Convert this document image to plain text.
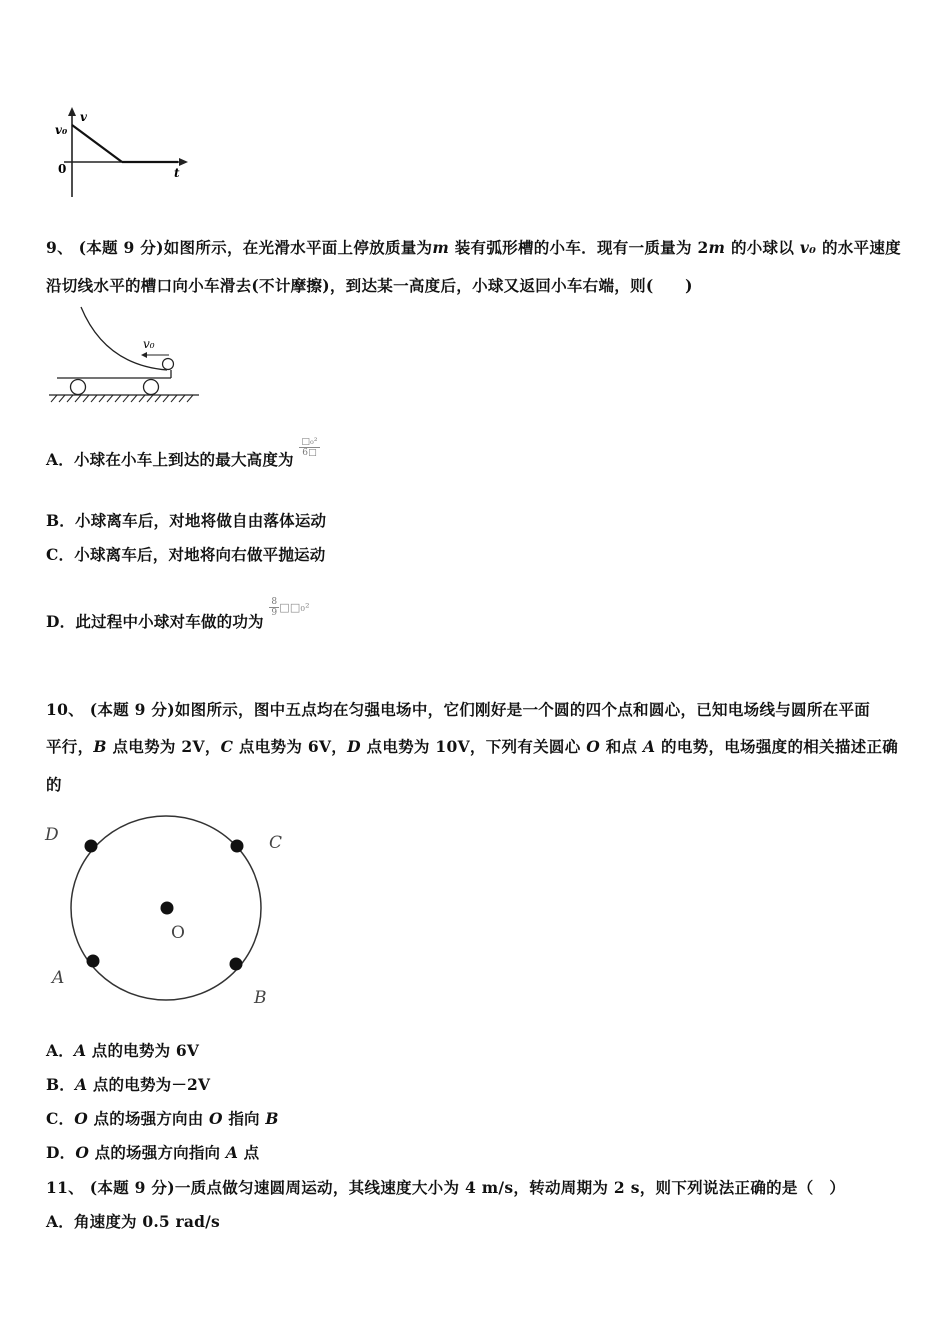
v
v₀
0	t
9、 (本题 9 分)如图所示，在光滑水平面上停放质量为m 装有弧形槽的小车．现有一质量为 2m 的小球以 v₀ 的水平速度
沿切线水平的槽口向小车滑去(不计摩擦)，到达某一高度后，小球又返回小车右端，则(　　)
v₀
A．小球在小车上到达的最大高度为
$\frac{\text{□₀²}}{6□}$
B．小球离车后，对地将做自由落体运动
C．小球离车后，对地将向右做平抛运动
D．此过程中小球对车做的功为
$\frac{8}{9} ^{□□_0^2}$
10、 (本题 9 分)如图所示，图中五点均在匀强电场中，它们刚好是一个圆的四个点和圆心，已知电场线与圆所在平面
平行，B 点电势为 2V，C 点电势为 6V，D 点电势为 10V，下列有关圆心 O 和点 A 的电势，电场强度的相关描述正确
的
D	C
O
A
B
A．A 点的电势为 6V
B．A 点的电势为－2V
C．O 点的场强方向由 O 指向 B
D．O 点的场强方向指向 A 点
11、 (本题 9 分)一质点做匀速圆周运动，其线速度大小为 4 m/s，转动周期为 2 s，则下列说法正确的是（　）
A．角速度为 0.5 rad/s
